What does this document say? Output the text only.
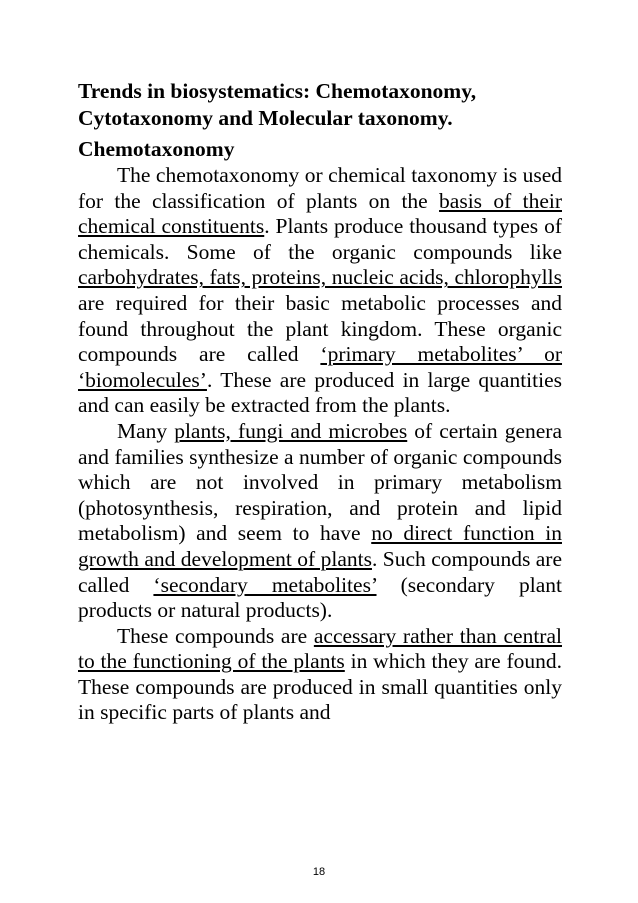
Trends in biosystematics: Chemotaxonomy, Cytotaxonomy and Molecular taxonomy.
Chemotaxonomy

The chemotaxonomy or chemical taxonomy is used for the classification of plants on the basis of their chemical constituents. Plants produce thousand types of chemicals. Some of the organic compounds like carbohydrates, fats, proteins, nucleic acids, chlorophylls are required for their basic metabolic processes and found throughout the plant kingdom. These organic compounds are called ‘primary metabolites’ or ‘biomolecules’. These are produced in large quantities and can easily be extracted from the plants.

Many plants, fungi and microbes of certain genera and families synthesize a number of organic compounds which are not involved in primary metabolism (photosynthesis, respiration, and protein and lipid metabolism) and seem to have no direct function in growth and development of plants. Such compounds are called ‘secondary metabolites’ (secondary plant products or natural products).

These compounds are accessary rather than central to the functioning of the plants in which they are found. These compounds are produced in small quantities only in specific parts of plants and

18
